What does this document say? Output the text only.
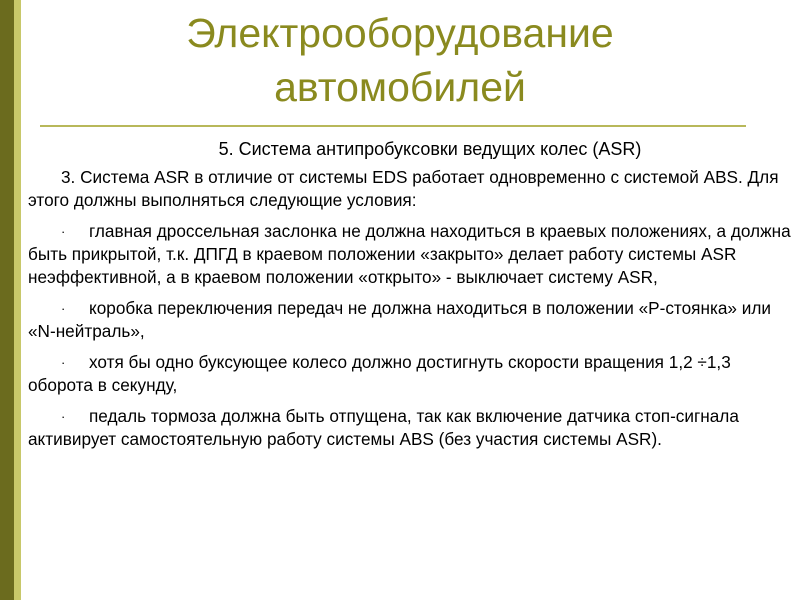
Электрооборудование
автомобилей

5. Система антипробуксовки ведущих колес (ASR)

3. Система ASR в отличие от системы EDS работает одновременно с системой ABS. Для этого должны выполняться следующие условия:

· главная дроссельная заслонка не должна находиться в краевых положениях, а должна быть прикрытой, т.к. ДПГД в краевом положении «закрыто» делает работу системы ASR неэффективной, а в краевом положении «открыто» - выключает систему ASR,

· коробка переключения передач не должна находиться в положении «Р-стоянка» или «N-нейтраль»,

· хотя бы одно буксующее колесо должно достигнуть скорости вращения 1,2 ÷1,3 оборота в секунду,

· педаль тормоза должна быть отпущена, так как включение датчика стоп-сигнала активирует самостоятельную работу системы ABS (без участия системы ASR).
